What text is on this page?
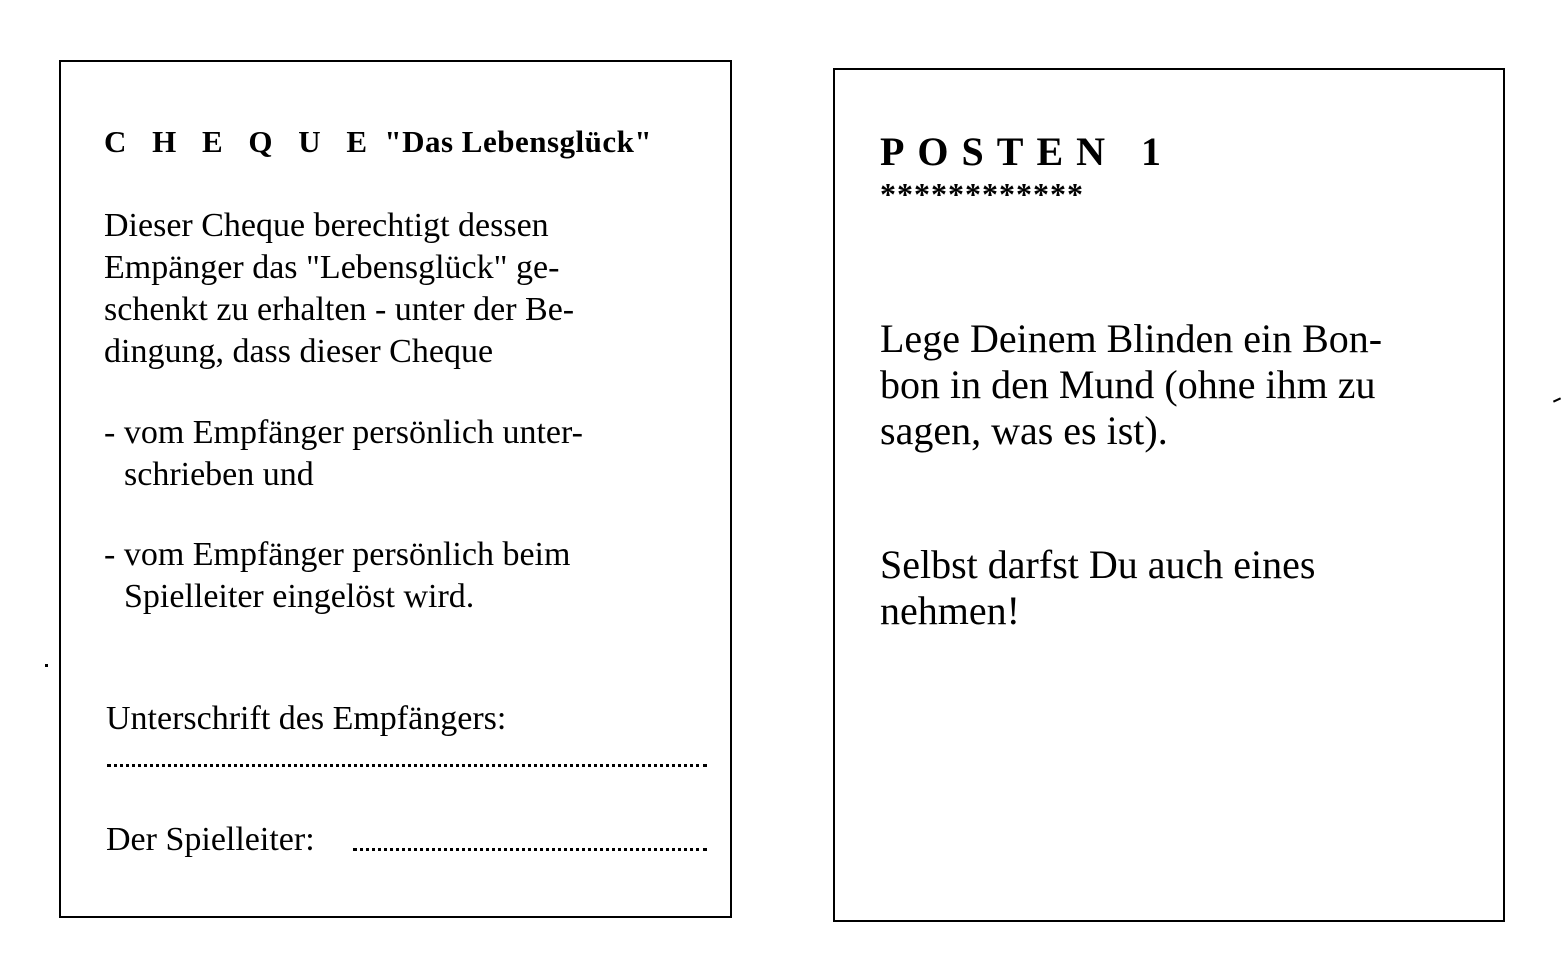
C H E Q U E "Das Lebensglück"
Dieser Cheque berechtigt dessen
Empänger das "Lebensglück" ge-
schenkt zu erhalten - unter der Be-
dingung, dass dieser Cheque
- vom Empfänger persönlich unter-
schrieben und
- vom Empfänger persönlich beim
Spielleiter eingelöst wird.
Unterschrift des Empfängers:
Der Spielleiter:
POSTEN 1
************
Lege Deinem Blinden ein Bon-
bon in den Mund (ohne ihm zu
sagen, was es ist).
Selbst darfst Du auch eines
nehmen!
